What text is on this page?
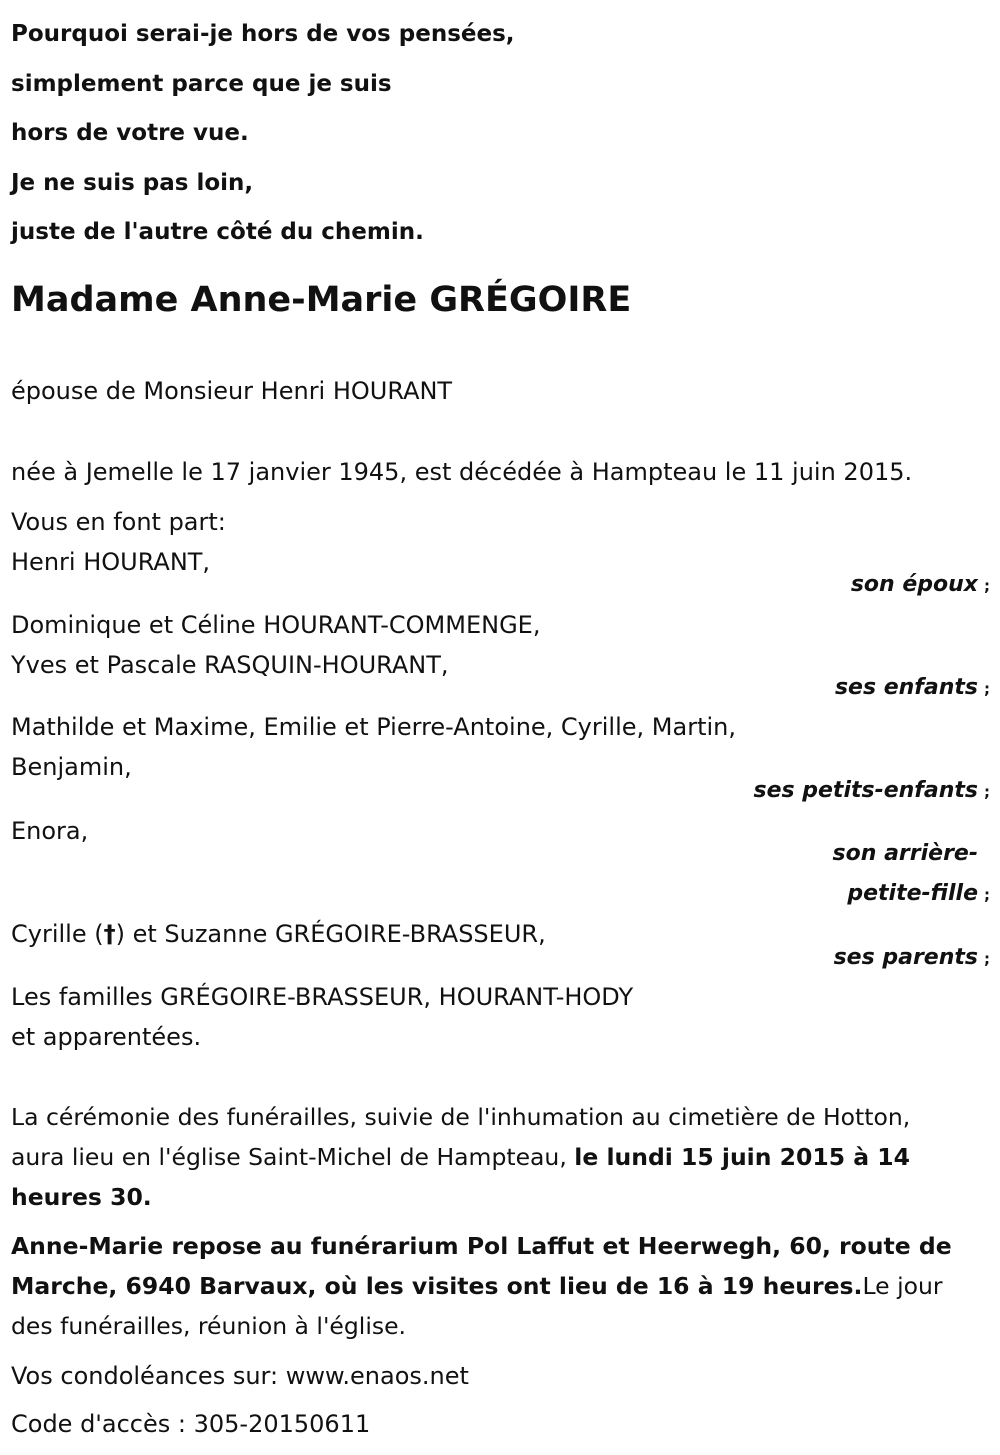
Pourquoi serai-je hors de vos pensées,
simplement parce que je suis
hors de votre vue.
Je ne suis pas loin,
juste de l'autre côté du chemin.
Madame Anne-Marie GRÉGOIRE
épouse de Monsieur Henri HOURANT
née à Jemelle le 17 janvier 1945, est décédée à Hampteau le 11 juin 2015.
Vous en font part:
Henri HOURANT,
son époux ;
Dominique et Céline HOURANT-COMMENGE,
Yves et Pascale RASQUIN-HOURANT,
ses enfants ;
Mathilde et Maxime, Emilie et Pierre-Antoine, Cyrille, Martin,
Benjamin,
ses petits-enfants ;
Enora,
son arrière-
petite-fille ;
Cyrille (†) et Suzanne GRÉGOIRE-BRASSEUR,
ses parents ;
Les familles GRÉGOIRE-BRASSEUR, HOURANT-HODY
et apparentées.
La cérémonie des funérailles, suivie de l'inhumation au cimetière de Hotton, aura lieu en l'église Saint-Michel de Hampteau, le lundi 15 juin 2015 à 14 heures 30.
Anne-Marie repose au funérarium Pol Laffut et Heerwegh, 60, route de Marche, 6940 Barvaux, où les visites ont lieu de 16 à 19 heures.Le jour des funérailles, réunion à l'église.
Vos condoléances sur: www.enaos.net
Code d'accès : 305-20150611
